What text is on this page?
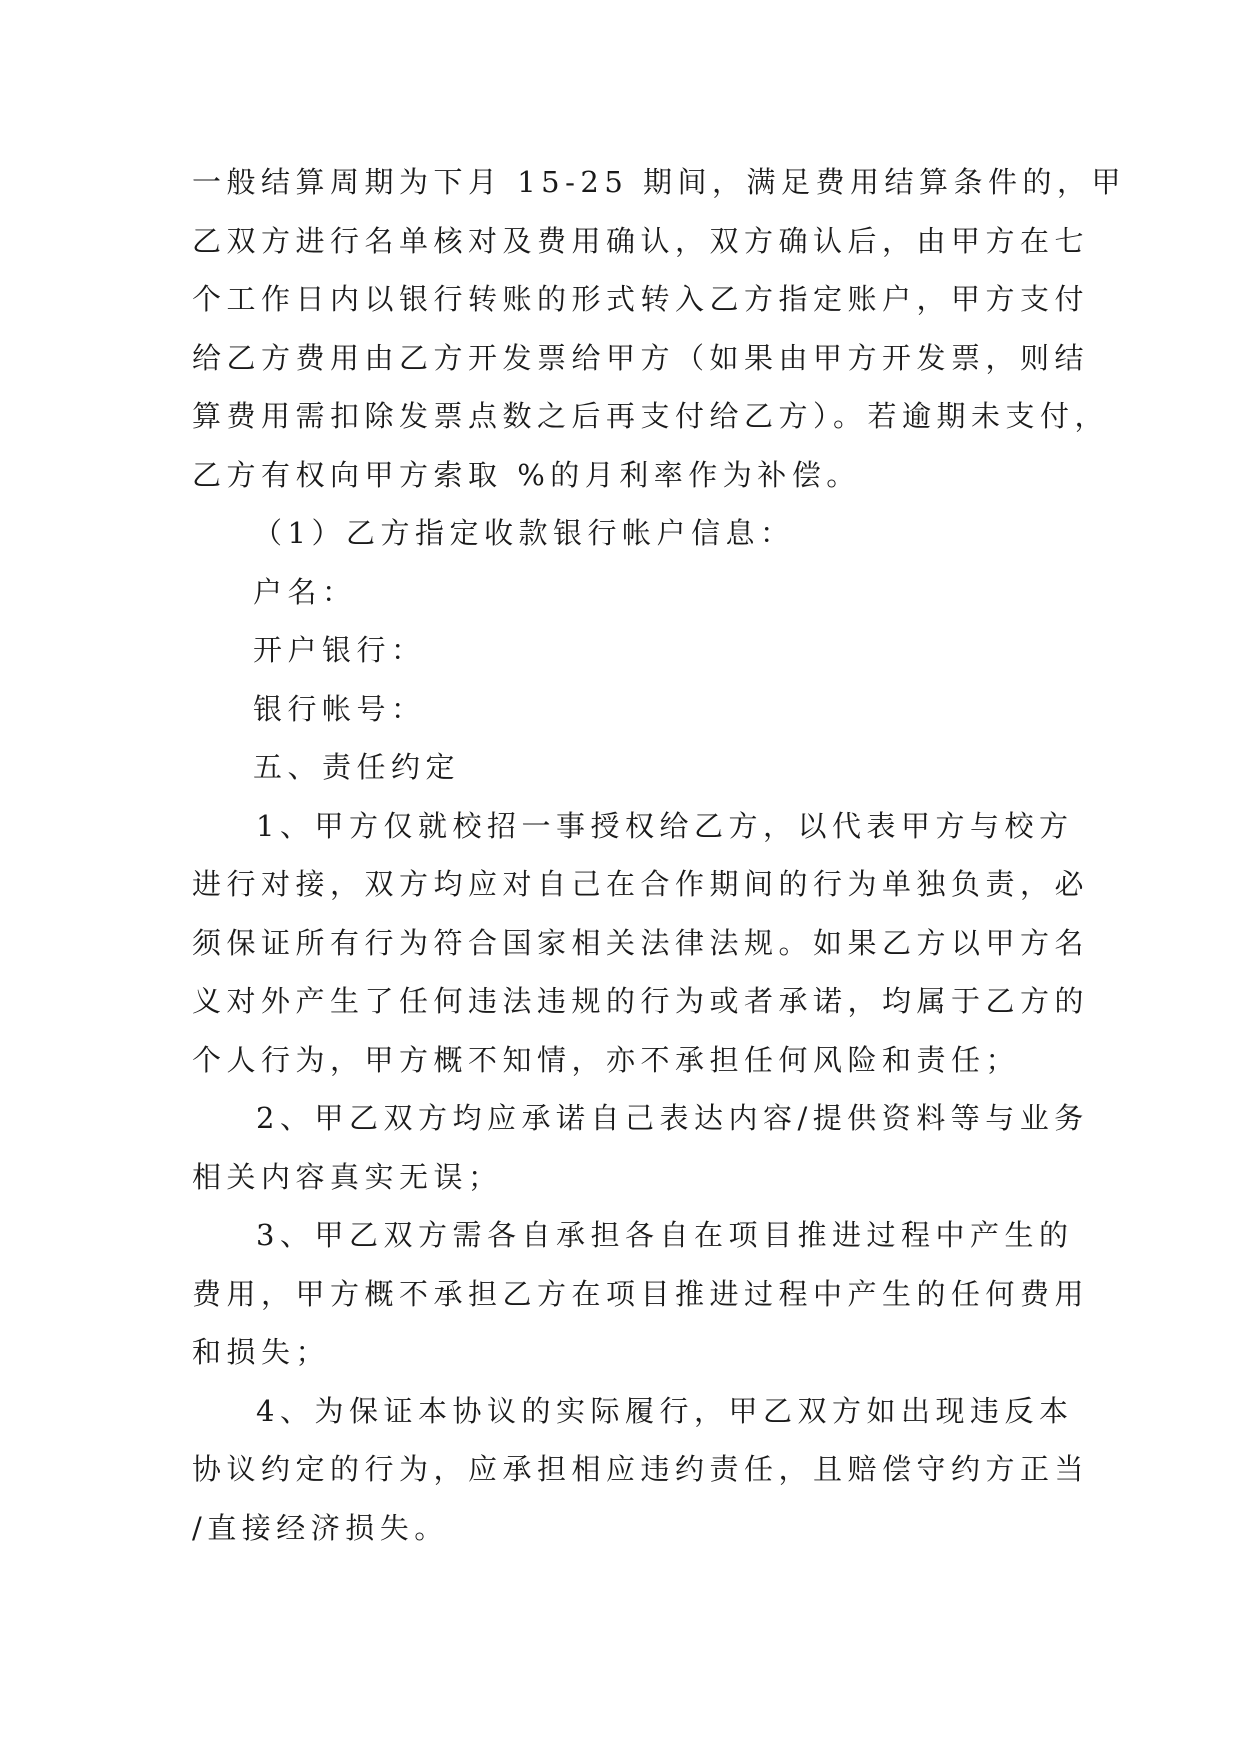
一般结算周期为下月 15-25 期间，满足费用结算条件的，甲
乙双方进行名单核对及费用确认，双方确认后，由甲方在七
个工作日内以银行转账的形式转入乙方指定账户，甲方支付
给乙方费用由乙方开发票给甲方（如果由甲方开发票，则结
算费用需扣除发票点数之后再支付给乙方）。若逾期未支付，
乙方有权向甲方索取 %的月利率作为补偿。
（1）乙方指定收款银行帐户信息：
户名：
开户银行：
银行帐号：
五、责任约定
1、甲方仅就校招一事授权给乙方，以代表甲方与校方
进行对接，双方均应对自己在合作期间的行为单独负责，必
须保证所有行为符合国家相关法律法规。如果乙方以甲方名
义对外产生了任何违法违规的行为或者承诺，均属于乙方的
个人行为，甲方概不知情，亦不承担任何风险和责任；
2、甲乙双方均应承诺自己表达内容/提供资料等与业务
相关内容真实无误；
3、甲乙双方需各自承担各自在项目推进过程中产生的
费用，甲方概不承担乙方在项目推进过程中产生的任何费用
和损失；
4、为保证本协议的实际履行，甲乙双方如出现违反本
协议约定的行为，应承担相应违约责任，且赔偿守约方正当
/直接经济损失。
